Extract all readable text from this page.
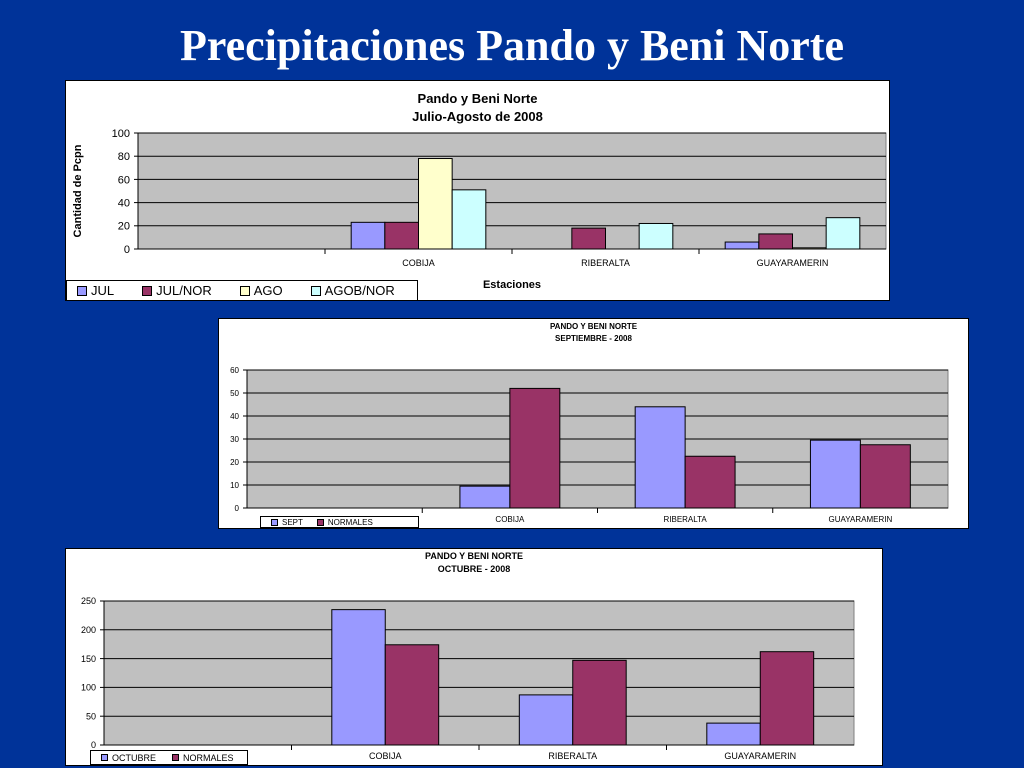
Precipitaciones Pando y Beni Norte
Pando y Beni Norte
Julio-Agosto de 2008
0
20
40
60
80
100
COBIJA	RIBERALTA	GUAYARAMERIN
Estaciones
Cantidad de Pcpn
JUL	JUL/NOR	AGO	AGOB/NOR
PANDO Y BENI NORTE
SEPTIEMBRE - 2008
0
10
20
30
40
50
60
COBIJA	RIBERALTA	GUAYARAMERIN
SEPT	NORMALES
PANDO Y BENI NORTE
OCTUBRE - 2008
0
50
100
150
200
250
COBIJA	RIBERALTA	GUAYARAMERIN
OCTUBRE	NORMALES
